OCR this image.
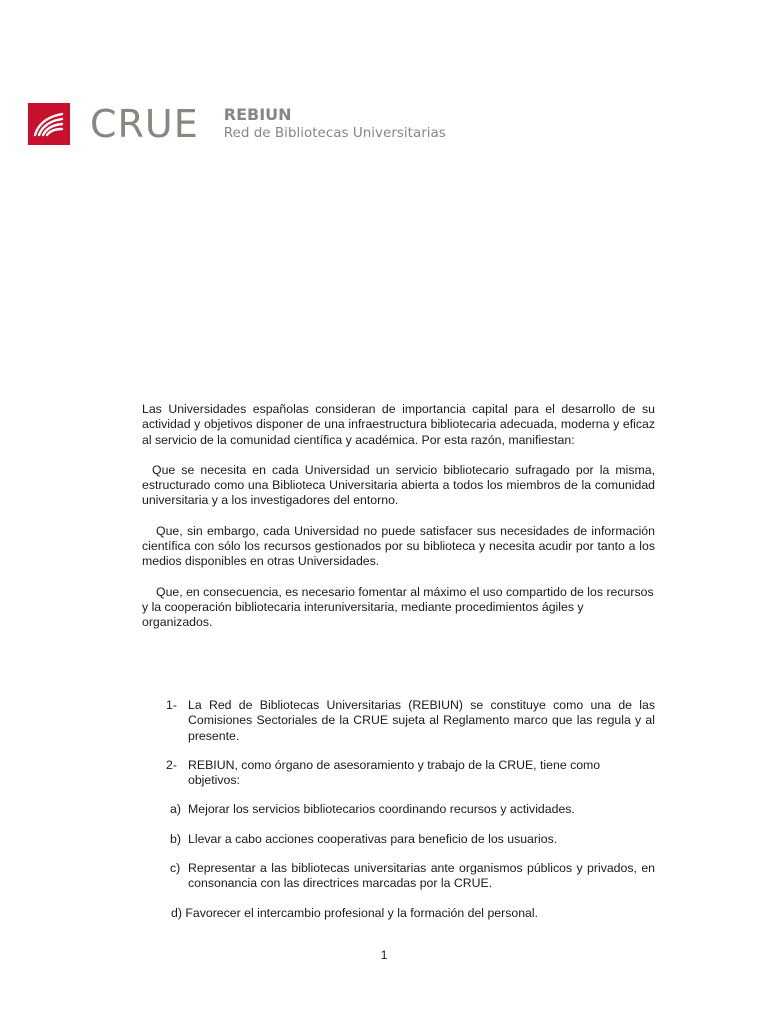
CRUE REBIUN
Red de Bibliotecas Universitarias

Las Universidades españolas consideran de importancia capital para el desarrollo de su actividad y objetivos disponer de una infraestructura bibliotecaria adecuada, moderna y eficaz al servicio de la comunidad científica y académica. Por esta razón, manifiestan:

Que se necesita en cada Universidad un servicio bibliotecario sufragado por la misma, estructurado como una Biblioteca Universitaria abierta a todos los miembros de la comunidad universitaria y a los investigadores del entorno.

Que, sin embargo, cada Universidad no puede satisfacer sus necesidades de información científica con sólo los recursos gestionados por su biblioteca y necesita acudir por tanto a los medios disponibles en otras Universidades.

Que, en consecuencia, es necesario fomentar al máximo el uso compartido de los recursos y la cooperación bibliotecaria interuniversitaria, mediante procedimientos ágiles y organizados.

1- La Red de Bibliotecas Universitarias (REBIUN) se constituye como una de las Comisiones Sectoriales de la CRUE sujeta al Reglamento marco que las regula y al presente.
2- REBIUN, como órgano de asesoramiento y trabajo de la CRUE, tiene como objetivos:
a) Mejorar los servicios bibliotecarios coordinando recursos y actividades.
b) Llevar a cabo acciones cooperativas para beneficio de los usuarios.
c) Representar a las bibliotecas universitarias ante organismos públicos y privados, en consonancia con las directrices marcadas por la CRUE.
d) Favorecer el intercambio profesional y la formación del personal.
1
